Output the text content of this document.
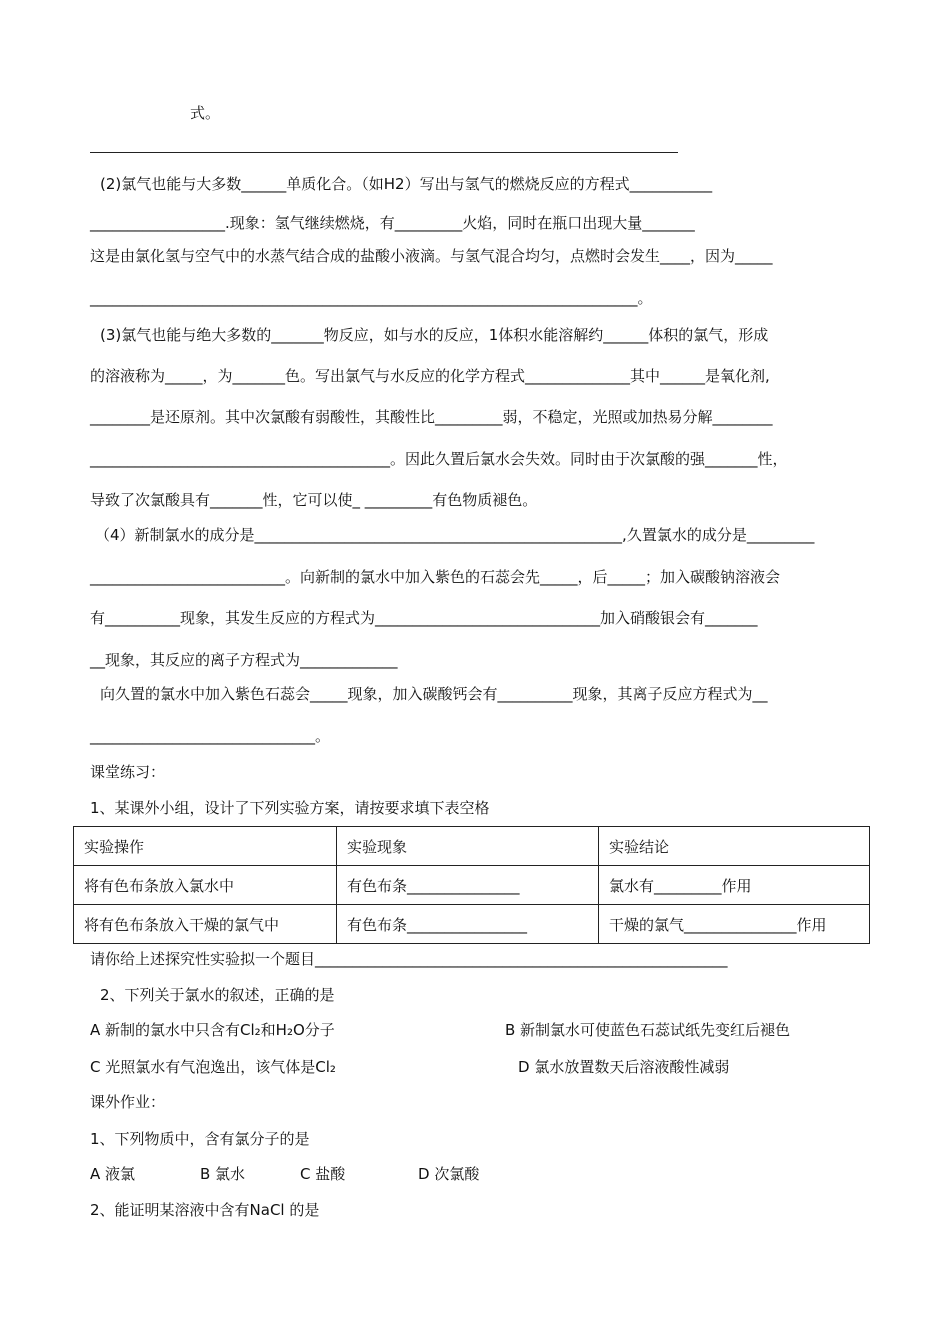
式。
(2)氯气也能与大多数______单质化合。（如H2）写出与氢气的燃烧反应的方程式___________
__________________.现象：氢气继续燃烧，有_________火焰，同时在瓶口出现大量_______
这是由氯化氢与空气中的水蒸气结合成的盐酸小液滴。与氢气混合均匀，点燃时会发生____，因为_____
_________________________________________________________________________。
(3)氯气也能与绝大多数的_______物反应，如与水的反应，1体积水能溶解约______体积的氯气，形成
的溶液称为_____，为_______色。写出氯气与水反应的化学方程式______________其中______是氧化剂,
________是还原剂。其中次氯酸有弱酸性，其酸性比_________弱，不稳定，光照或加热易分解________
________________________________________。因此久置后氯水会失效。同时由于次氯酸的强_______性，
导致了次氯酸具有_______性，它可以使_ _________有色物质褪色。
（4）新制氯水的成分是_________________________________________________,久置氯水的成分是_________
__________________________。向新制的氯水中加入紫色的石蕊会先_____，后_____；加入碳酸钠溶液会
有__________现象，其发生反应的方程式为______________________________加入硝酸银会有_______
__现象，其反应的离子方程式为_____________
向久置的氯水中加入紫色石蕊会_____现象，加入碳酸钙会有__________现象，其离子反应方程式为__
______________________________。
课堂练习：
1、某课外小组，设计了下列实验方案，请按要求填下表空格
实验操作	实验现象	实验结论
将有色布条放入氯水中	有色布条_______________	氯水有_________作用
将有色布条放入干燥的氯气中	有色布条________________	干燥的氯气_______________作用
请你给上述探究性实验拟一个题目_______________________________________________________
2、下列关于氯水的叙述，正确的是
A 新制的氯水中只含有Cl₂和H₂O分子	B 新制氯水可使蓝色石蕊试纸先变红后褪色
C 光照氯水有气泡逸出，该气体是Cl₂	D 氯水放置数天后溶液酸性减弱
课外作业：
1、下列物质中，含有氯分子的是
A 液氯	B 氯水	C 盐酸	D 次氯酸
2、能证明某溶液中含有NaCl 的是
